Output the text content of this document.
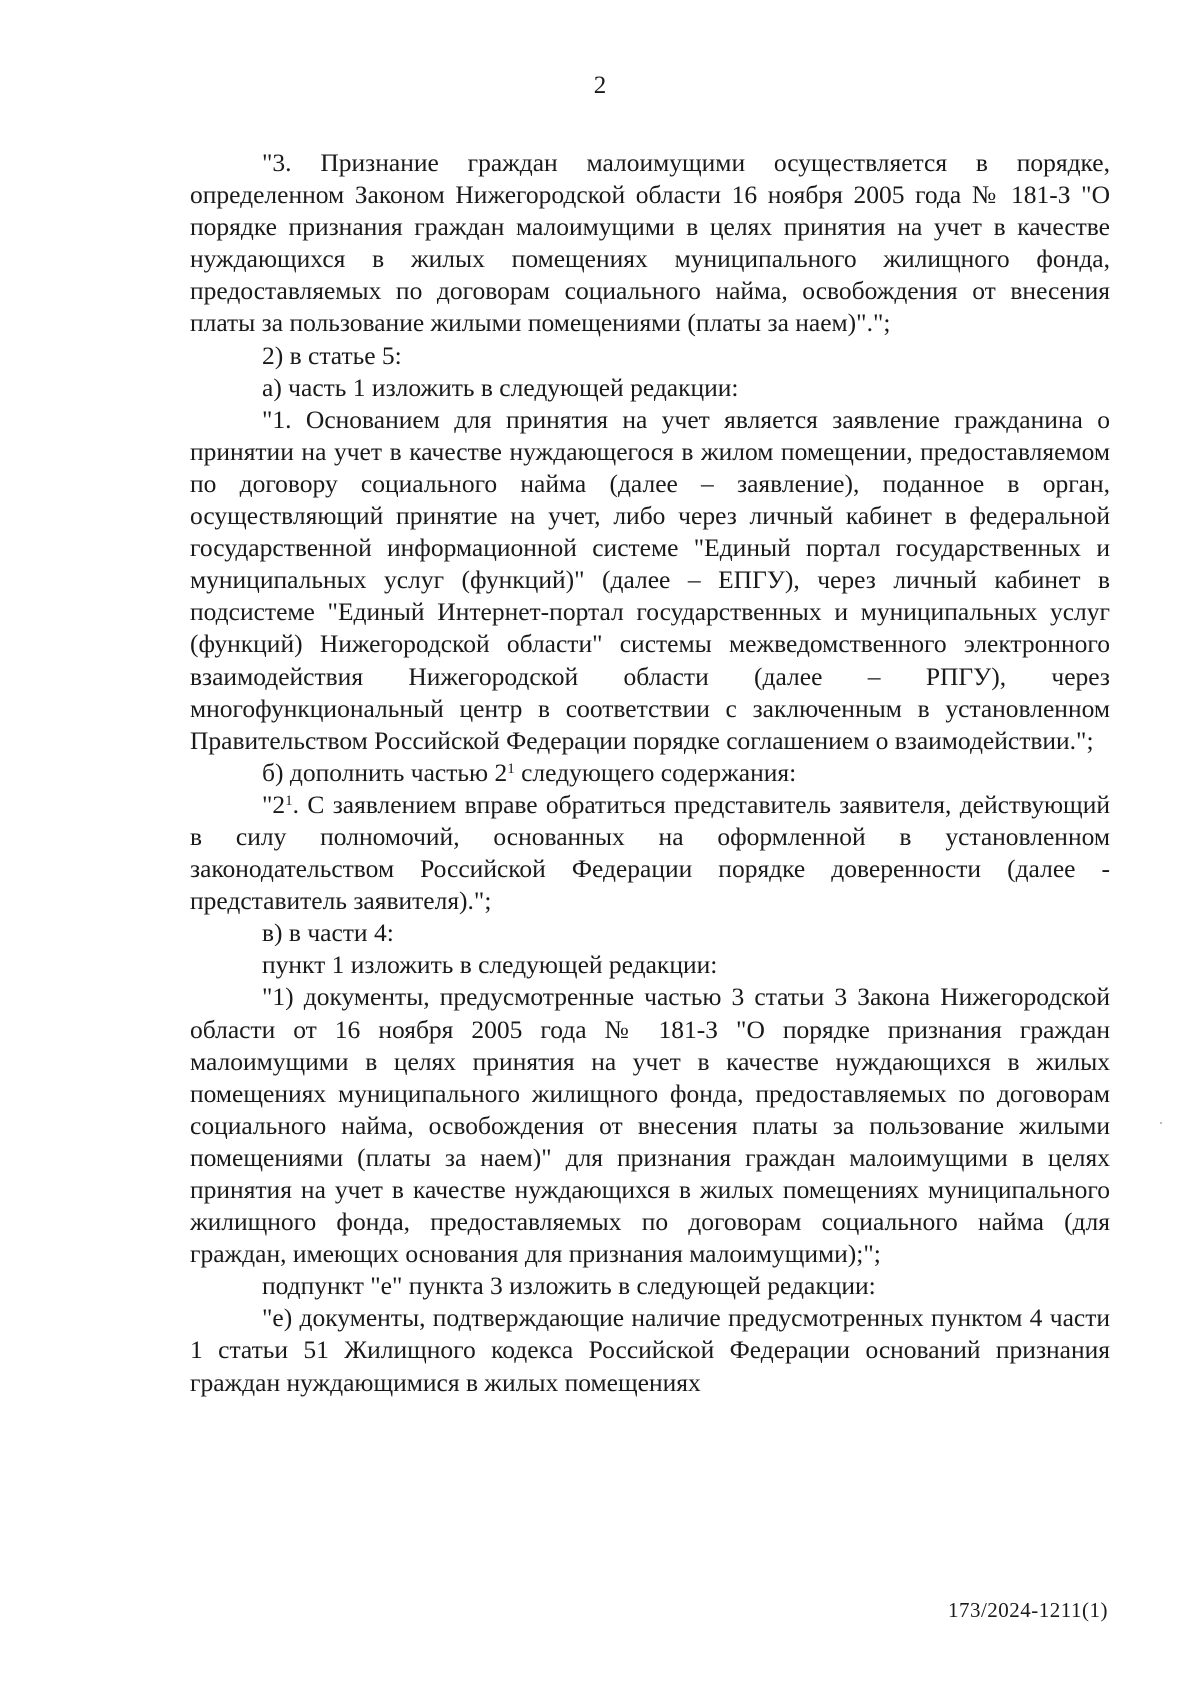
2

"3. Признание граждан малоимущими осуществляется в порядке, определенном Законом Нижегородской области 16 ноября 2005 года № 181-З "О порядке признания граждан малоимущими в целях принятия на учет в качестве нуждающихся в жилых помещениях муниципального жилищного фонда, предоставляемых по договорам социального найма, освобождения от внесения платы за пользование жилыми помещениями (платы за наем)".";

2) в статье 5:

а) часть 1 изложить в следующей редакции:

"1. Основанием для принятия на учет является заявление гражданина о принятии на учет в качестве нуждающегося в жилом помещении, предоставляемом по договору социального найма (далее – заявление), поданное в орган, осуществляющий принятие на учет, либо через личный кабинет в федеральной государственной информационной системе "Единый портал государственных и муниципальных услуг (функций)" (далее – ЕПГУ), через личный кабинет в подсистеме "Единый Интернет-портал государственных и муниципальных услуг (функций) Нижегородской области" системы межведомственного электронного взаимодействия Нижегородской области (далее – РПГУ), через многофункциональный центр в соответствии с заключенным в установленном Правительством Российской Федерации порядке соглашением о взаимодействии.";

б) дополнить частью $2^1$ следующего содержания:

"$2^1$. С заявлением вправе обратиться представитель заявителя, действующий в силу полномочий, основанных на оформленной в установленном законодательством Российской Федерации порядке доверенности (далее - представитель заявителя).";

в) в части 4:

пункт 1 изложить в следующей редакции:

"1) документы, предусмотренные частью 3 статьи 3 Закона Нижегородской области от 16 ноября 2005 года № 181-З "О порядке признания граждан малоимущими в целях принятия на учет в качестве нуждающихся в жилых помещениях муниципального жилищного фонда, предоставляемых по договорам социального найма, освобождения от внесения платы за пользование жилыми помещениями (платы за наем)" для признания граждан малоимущими в целях принятия на учет в качестве нуждающихся в жилых помещениях муниципального жилищного фонда, предоставляемых по договорам социального найма (для граждан, имеющих основания для признания малоимущими);";

подпункт "е" пункта 3 изложить в следующей редакции:

"е) документы, подтверждающие наличие предусмотренных пунктом 4 части 1 статьи 51 Жилищного кодекса Российской Федерации оснований признания граждан нуждающимися в жилых помещениях

173/2024-1211(1)
